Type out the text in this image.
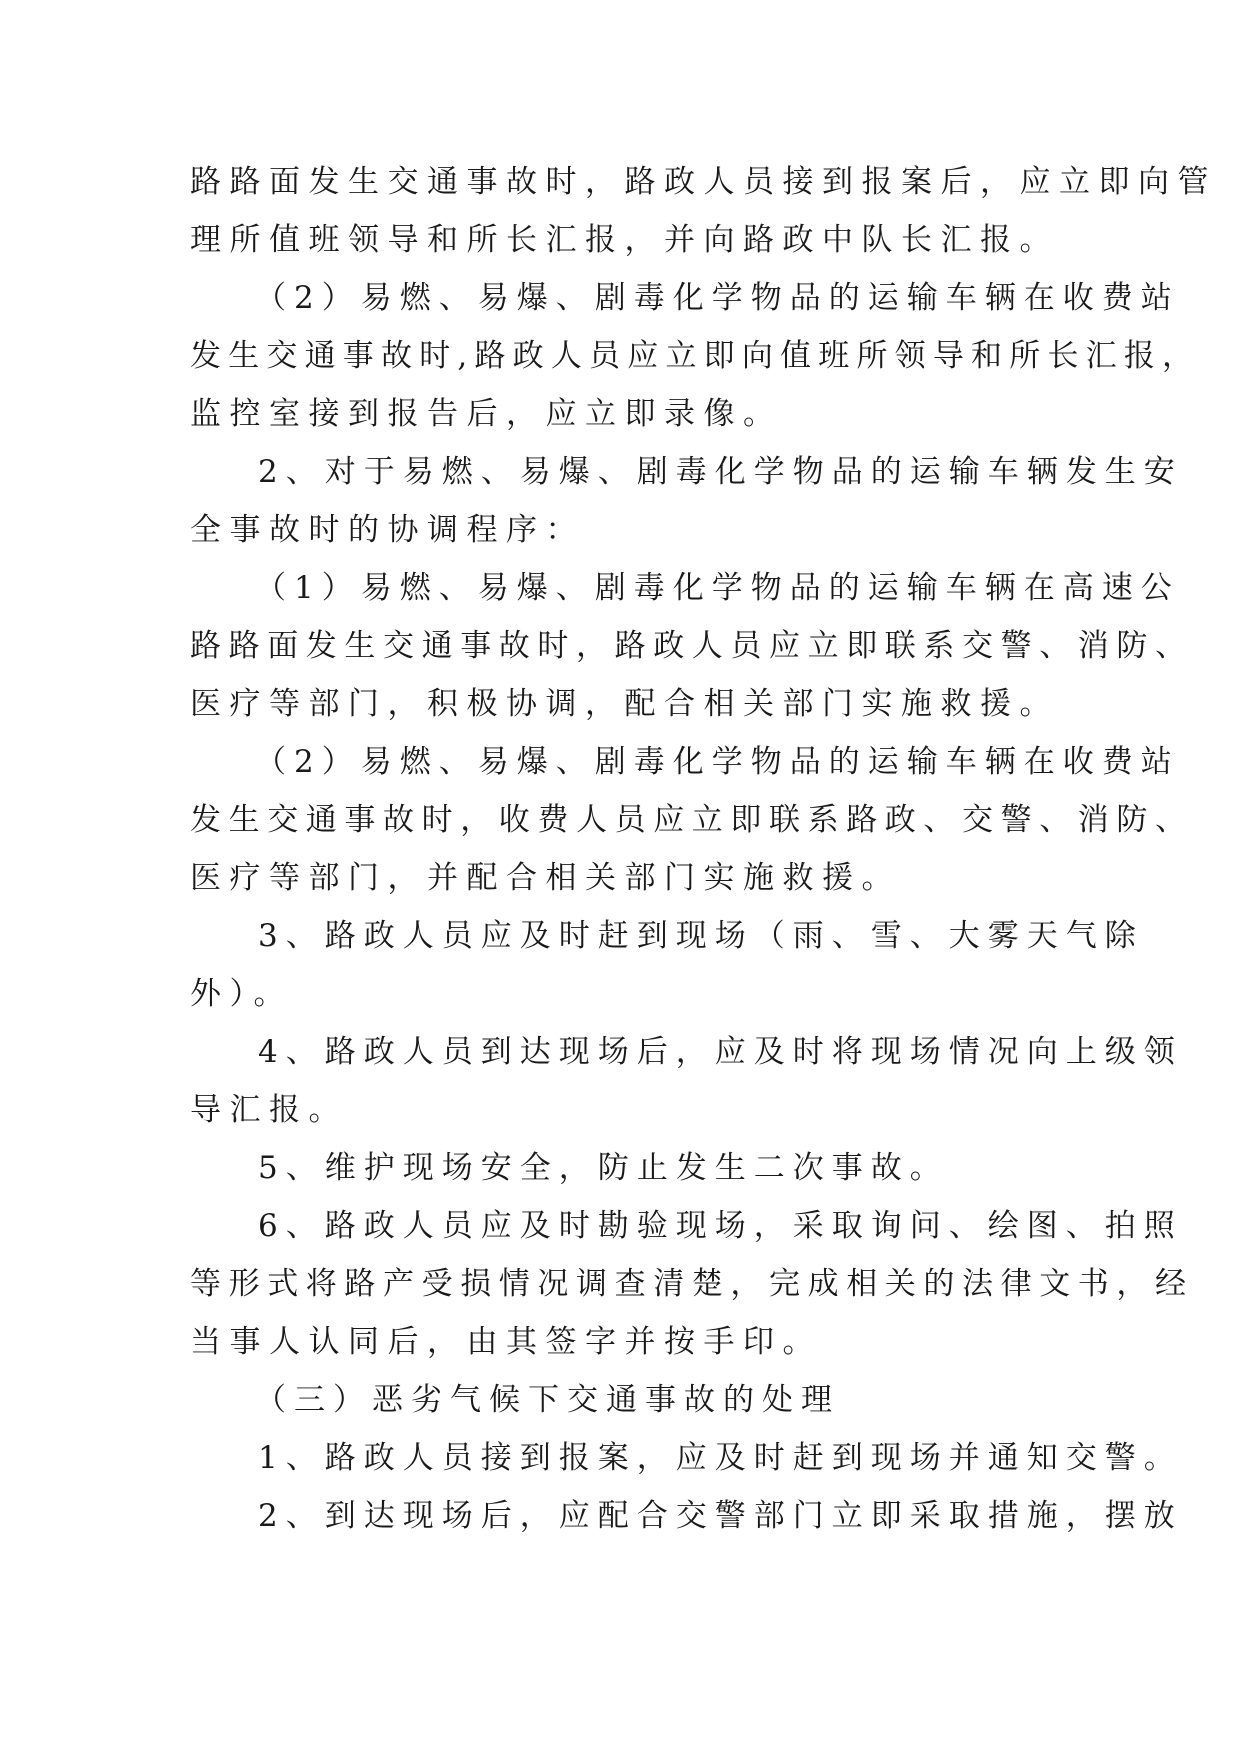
路路面发生交通事故时，路政人员接到报案后，应立即向管
理所值班领导和所长汇报，并向路政中队长汇报。
（2）易燃、易爆、剧毒化学物品的运输车辆在收费站
发生交通事故时,路政人员应立即向值班所领导和所长汇报，
监控室接到报告后，应立即录像。
2、对于易燃、易爆、剧毒化学物品的运输车辆发生安
全事故时的协调程序：
（1）易燃、易爆、剧毒化学物品的运输车辆在高速公
路路面发生交通事故时，路政人员应立即联系交警、消防、
医疗等部门，积极协调，配合相关部门实施救援。
（2）易燃、易爆、剧毒化学物品的运输车辆在收费站
发生交通事故时，收费人员应立即联系路政、交警、消防、
医疗等部门，并配合相关部门实施救援。
3、路政人员应及时赶到现场（雨、雪、大雾天气除
外）。
4、路政人员到达现场后，应及时将现场情况向上级领
导汇报。
5、维护现场安全，防止发生二次事故。
6、路政人员应及时勘验现场，采取询问、绘图、拍照
等形式将路产受损情况调查清楚，完成相关的法律文书，经
当事人认同后，由其签字并按手印。
（三）恶劣气候下交通事故的处理
1、路政人员接到报案，应及时赶到现场并通知交警。
2、到达现场后，应配合交警部门立即采取措施，摆放
